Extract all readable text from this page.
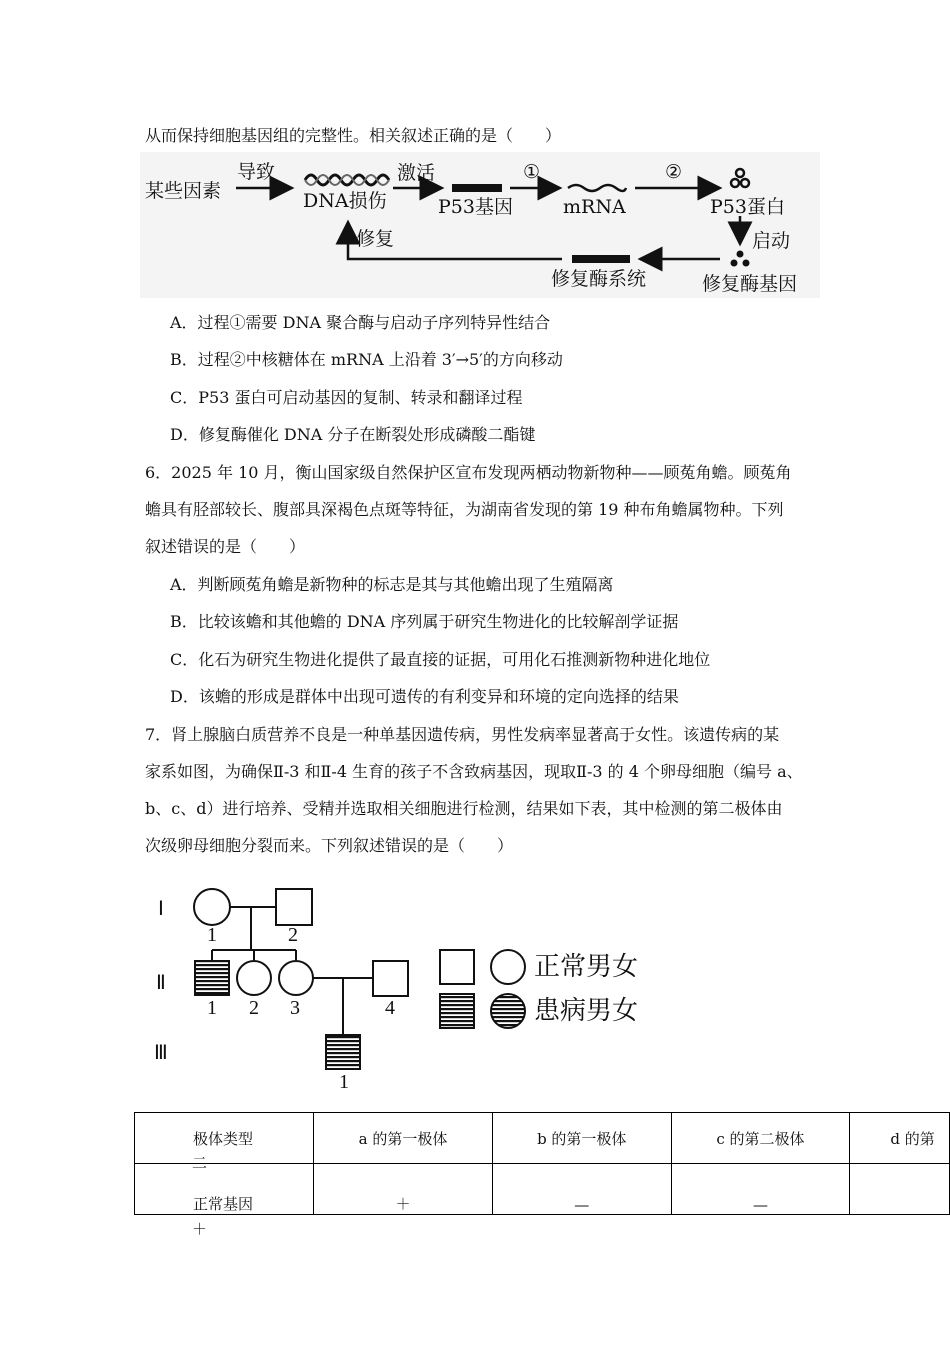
从而保持细胞基因组的完整性。相关叙述正确的是（　　）
某些因素
导致
DNA损伤
激活
P53基因
①
mRNA
②
P53蛋白
启动
修复
修复酶系统	修复酶基因
A．过程①需要 DNA 聚合酶与启动子序列特异性结合
B．过程②中核糖体在 mRNA 上沿着 3′→5′的方向移动
C．P53 蛋白可启动基因的复制、转录和翻译过程
D．修复酶催化 DNA 分子在断裂处形成磷酸二酯键
6．2025 年 10 月，衡山国家级自然保护区宣布发现两栖动物新物种——顾菟角蟾。顾菟角
蟾具有胫部较长、腹部具深褐色点斑等特征，为湖南省发现的第 19 种布角蟾属物种。下列
叙述错误的是（　　）
A．判断顾菟角蟾是新物种的标志是其与其他蟾出现了生殖隔离
B．比较该蟾和其他蟾的 DNA 序列属于研究生物进化的比较解剖学证据
C．化石为研究生物进化提供了最直接的证据，可用化石推测新物种进化地位
D．该蟾的形成是群体中出现可遗传的有利变异和环境的定向选择的结果
7．肾上腺脑白质营养不良是一种单基因遗传病，男性发病率显著高于女性。该遗传病的某
家系如图，为确保Ⅱ-3 和Ⅱ-4 生育的孩子不含致病基因，现取Ⅱ-3 的 4 个卵母细胞（编号 a、
b、c、d）进行培养、受精并选取相关细胞进行检测，结果如下表，其中检测的第二极体由
次级卵母细胞分裂而来。下列叙述错误的是（　　）
Ⅰ
Ⅱ
Ⅲ
1	2
1 2 3	4
1
正常男女
患病男女
极体类型	a 的第一极体	b 的第一极体	c 的第二极体	d 的第
正常基因	＋	—	—	
二
＋
